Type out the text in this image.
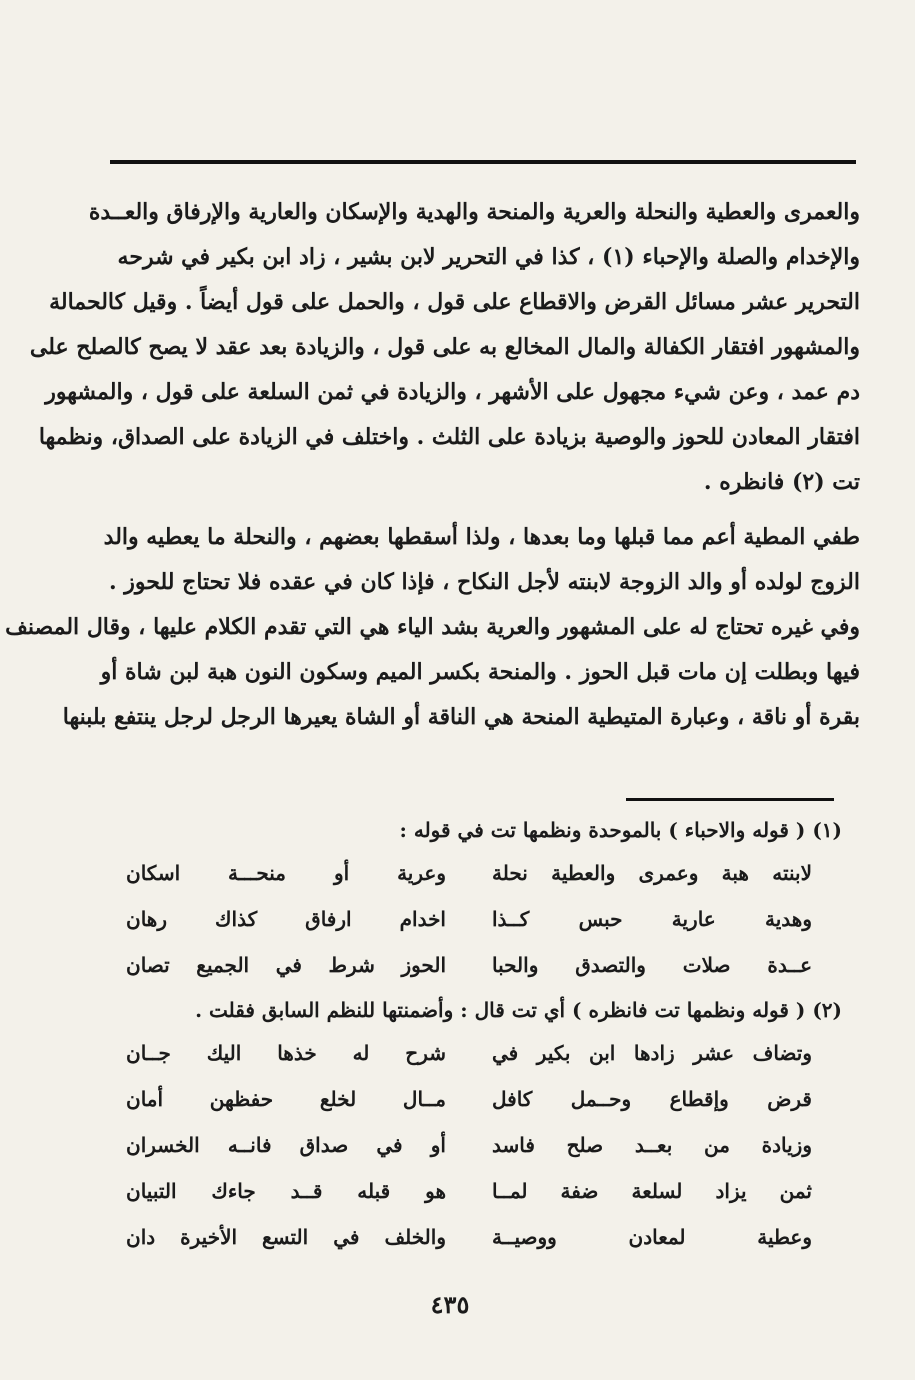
والعمرى والعطية والنحلة والعرية والمنحة والهدية والإسكان والعارية والإرفاق والعــدة
والإخدام والصلة والإحباء (١) ، كذا في التحرير لابن بشير ، زاد ابن بكير في شرحه
التحرير عشر مسائل القرض والاقطاع على قول ، والحمل على قول أيضاً . وقيل كالحمالة
والمشهور افتقار الكفالة والمال المخالع به على قول ، والزيادة بعد عقد لا يصح كالصلح على
دم عمد ، وعن شيء مجهول على الأشهر ، والزيادة في ثمن السلعة على قول ، والمشهور
افتقار المعادن للحوز والوصية بزيادة على الثلث . واختلف في الزيادة على الصداق، ونظمها
تت (٢) فانظره .
طفي المطية أعم مما قبلها وما بعدها ، ولذا أسقطها بعضهم ، والنحلة ما يعطيه والد
الزوج لولده أو والد الزوجة لابنته لأجل النكاح ، فإذا كان في عقده فلا تحتاج للحوز .
وفي غيره تحتاج له على المشهور والعرية بشد الياء هي التي تقدم الكلام عليها ، وقال المصنف
فيها وبطلت إن مات قبل الحوز . والمنحة بكسر الميم وسكون النون هبة لبن شاة أو
بقرة أو ناقة ، وعبارة المتيطية المنحة هي الناقة أو الشاة يعيرها الرجل لرجل ينتفع بلبنها
(١) ( قوله والاحباء ) بالموحدة ونظمها تت في قوله :
لابنته هبة وعمرى والعطية نحلة
وعرية أو منحـــة اسكان
وهدية عارية حبس كــذا
اخدام ارفاق كذاك رهان
عــدة صلات والتصدق والحبا
الحوز شرط في الجميع تصان
(٢) ( قوله ونظمها تت فانظره ) أي تت قال : وأضمنتها للنظم السابق فقلت .
وتضاف عشر زادها ابن بكير في
شرح له خذها اليك جــان
قرض وإقطاع وحــمل كافل
مــال لخلع حفظهن أمان
وزيادة من بعــد صلح فاسد
أو في صداق فانــه الخسران
ثمن يزاد لسلعة ضفة لمــا
هو قبله قــد جاءك التبيان
وعطية لمعادن ووصيــة
والخلف في التسع الأخيرة دان
٤٣٥
